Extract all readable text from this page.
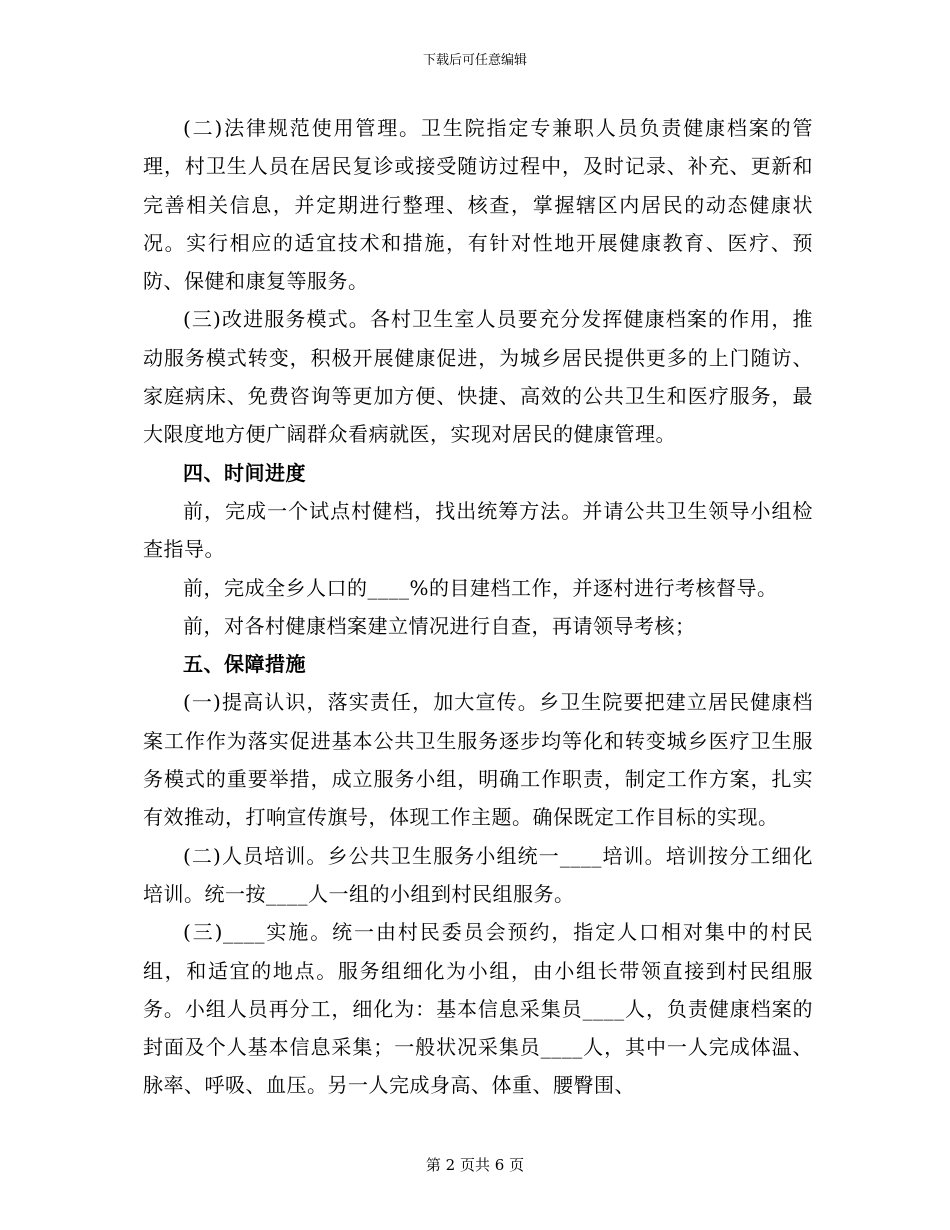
下载后可任意编辑

(二)法律规范使用管理。卫生院指定专兼职人员负责健康档案的管理，村卫生人员在居民复诊或接受随访过程中，及时记录、补充、更新和完善相关信息，并定期进行整理、核查，掌握辖区内居民的动态健康状况。实行相应的适宜技术和措施，有针对性地开展健康教育、医疗、预防、保健和康复等服务。

(三)改进服务模式。各村卫生室人员要充分发挥健康档案的作用，推动服务模式转变，积极开展健康促进，为城乡居民提供更多的上门随访、家庭病床、免费咨询等更加方便、快捷、高效的公共卫生和医疗服务，最大限度地方便广阔群众看病就医，实现对居民的健康管理。

四、时间进度

前，完成一个试点村健档，找出统筹方法。并请公共卫生领导小组检查指导。

前，完成全乡人口的____%的目建档工作，并逐村进行考核督导。

前，对各村健康档案建立情况进行自查，再请领导考核；

五、保障措施

(一)提高认识，落实责任，加大宣传。乡卫生院要把建立居民健康档案工作作为落实促进基本公共卫生服务逐步均等化和转变城乡医疗卫生服务模式的重要举措，成立服务小组，明确工作职责，制定工作方案，扎实有效推动，打响宣传旗号，体现工作主题。确保既定工作目标的实现。

(二)人员培训。乡公共卫生服务小组统一____培训。培训按分工细化培训。统一按____人一组的小组到村民组服务。

(三)____实施。统一由村民委员会预约，指定人口相对集中的村民组，和适宜的地点。服务组细化为小组，由小组长带领直接到村民组服务。小组人员再分工，细化为：基本信息采集员____人，负责健康档案的封面及个人基本信息采集；一般状况采集员____人，其中一人完成体温、脉率、呼吸、血压。另一人完成身高、体重、腰臀围、

第 2 页共 6 页
